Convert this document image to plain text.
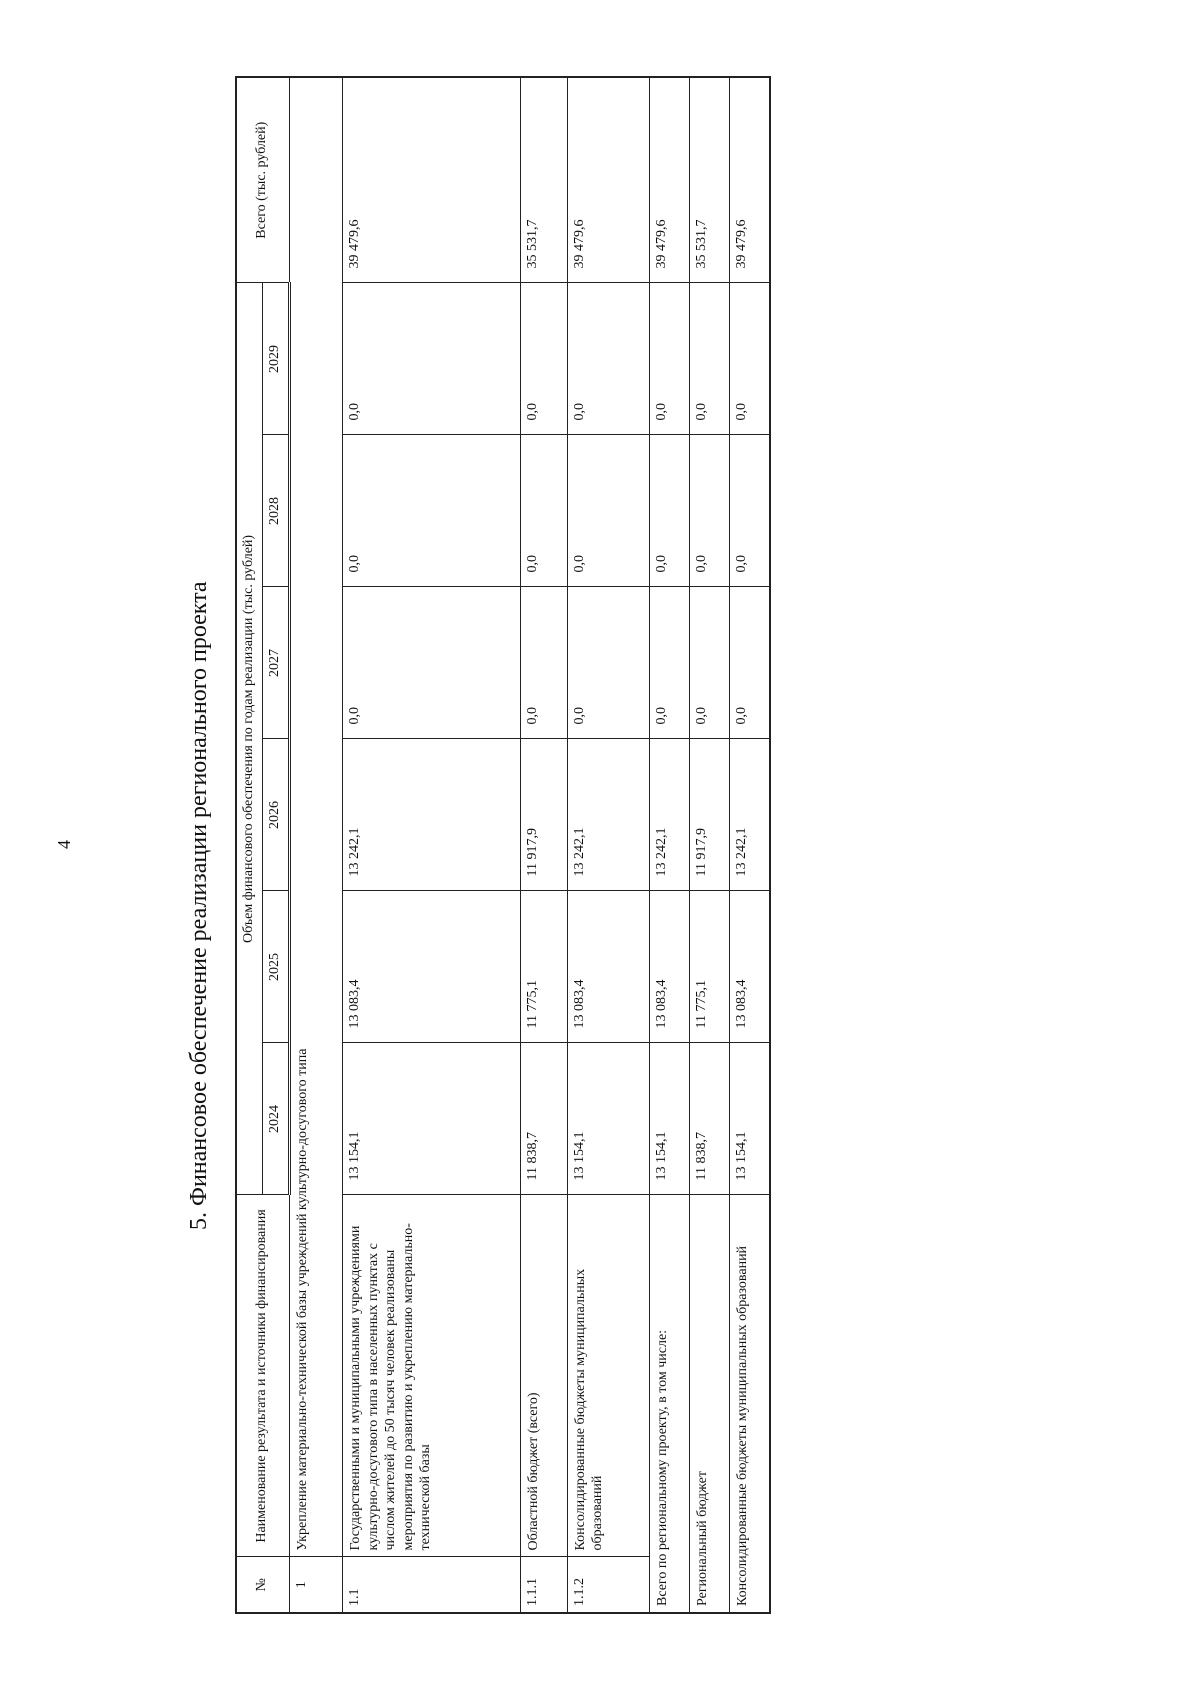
4	5. Финансовое обеспечение реализации регионального проекта
№	Наименование результата и источники финансирования	Объем финансового обеспечения по годам реализации (тыс. рублей)						Всего (тыс. рублей)
		2024	2025	2026	2027	2028	2029	
1	Укрепление материально-технической базы учреждений культурно-досугового типа							
1.1	Государственными и муниципальными учреждениями культурно-досугового типа в населенных пунктах с числом жителей до 50 тысяч человек реализованы мероприятия по развитию и укреплению материально-технической базы	13 154,1	13 083,4	13 242,1	0,0	0,0	0,0	39 479,6
1.1.1	Областной бюджет (всего)	11 838,7	11 775,1	11 917,9	0,0	0,0	0,0	35 531,7
1.1.2	Консолидированные бюджеты муниципальных образований	13 154,1	13 083,4	13 242,1	0,0	0,0	0,0	39 479,6
Всего по региональному проекту, в том числе:		13 154,1	13 083,4	13 242,1	0,0	0,0	0,0	39 479,6
Региональный бюджет		11 838,7	11 775,1	11 917,9	0,0	0,0	0,0	35 531,7
Консолидированные бюджеты муниципальных образований		13 154,1	13 083,4	13 242,1	0,0	0,0	0,0	39 479,6
